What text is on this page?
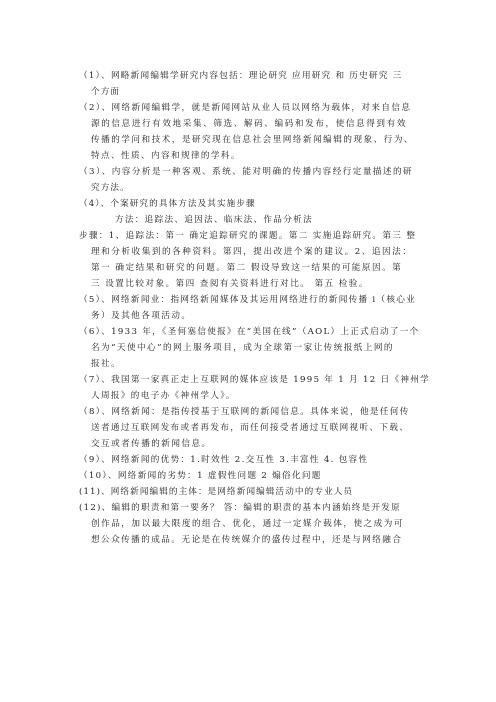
（1）、网略新闻编辑学研究内容包括：理论研究 应用研究 和 历史研究 三
个方面
（2）、网络新闻编辑学，就是新闻网站从业人员以网络为载体，对来自信息
源的信息进行有效地采集、筛选、解码、编码和发布，使信息得到有效
传播的学问和技术，是研究现在信息社会里网络新闻编辑的现象、行为、
特点、性质、内容和规律的学科。
（3）、内容分析是一种客观、系统、能对明确的传播内容经行定量描述的研
究方法。
（4）、个案研究的具体方法及其实施步骤
方法：追踪法、追因法、临床法、作品分析法
步骤：1、追踪法：第一 确定追踪研究的课题。第二 实施追踪研究。第三 整
理和分析收集到的各种资料。第四，提出改进个案的建议。2、追因法：
第一 确定结果和研究的问题。第二 假设导致这一结果的可能原因。第
三 设置比较对象。第四 查阅有关资料进行对比。 第五 检验。
（5）、网络新闻业：指网络新闻媒体及其运用网络进行的新闻传播 i（核心业
务）及其他各项活动。
（6）、1933 年，《圣何塞信使报》在“美国在线”（AOL）上正式启动了一个
名为“天使中心”的网上服务项目，成为全球第一家让传统报纸上网的
报社。
（7）、我国第一家真正走上互联网的媒体应该是 1995 年 1 月 12 日《神州学
人周报》的电子办《神州学人》。
（8）、网络新闻：是指传授基于互联网的新闻信息。具体来说，他是任何传
送者通过互联网发布或者再发布，而任何接受者通过互联网视听、下载、
交互或者传播的新闻信息。
（9）、网络新闻的优势：1.时效性 2.交互性 3.丰富性 4. 包容性
（10）、网络新闻的劣势：1 虚假性问题 2 煽俗化问题
(11)、网络新闻编辑的主体：是网络新闻编辑活动中的专业人员
(12)、编辑的职责和第一要务？ 答：编辑的职责的基本内涵始终是开发原
创作品，加以最大限度的组合、优化，通过一定媒介载体，使之成为可
想公众传播的成品。无论是在传统媒介的盛传过程中，还是与网络融合
